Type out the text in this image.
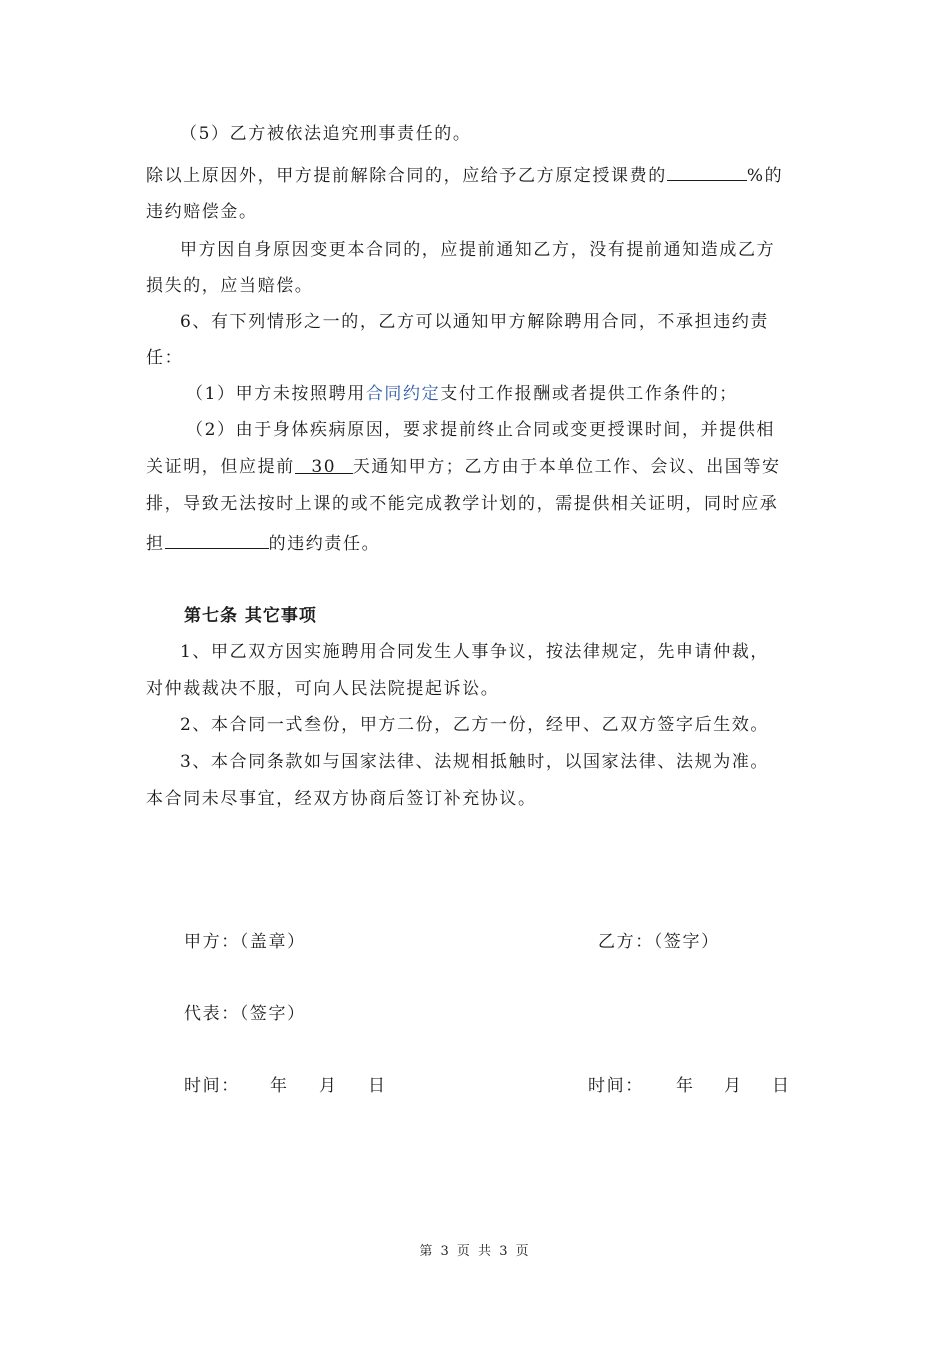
（5）乙方被依法追究刑事责任的。
除以上原因外，甲方提前解除合同的，应给予乙方原定授课费的	%的
违约赔偿金。
甲方因自身原因变更本合同的，应提前通知乙方，没有提前通知造成乙方
损失的，应当赔偿。
6、有下列情形之一的，乙方可以通知甲方解除聘用合同，不承担违约责
任：
（1）甲方未按照聘用合同约定支付工作报酬或者提供工作条件的；
（2）由于身体疾病原因，要求提前终止合同或变更授课时间，并提供相
关证明，但应提前 30 天通知甲方；乙方由于本单位工作、会议、出国等安
排，导致无法按时上课的或不能完成教学计划的，需提供相关证明，同时应承
担	的违约责任。
第七条 其它事项
1、甲乙双方因实施聘用合同发生人事争议，按法律规定，先申请仲裁，
对仲裁裁决不服，可向人民法院提起诉讼。
2、本合同一式叁份，甲方二份，乙方一份，经甲、乙双方签字后生效。
3、本合同条款如与国家法律、法规相抵触时，以国家法律、法规为准。
本合同未尽事宜，经双方协商后签订补充协议。
甲方：（盖章）	乙方：（签字）
代表：（签字）
时间： 年 月 日	时间： 年 月 日
第 3 页 共 3 页
